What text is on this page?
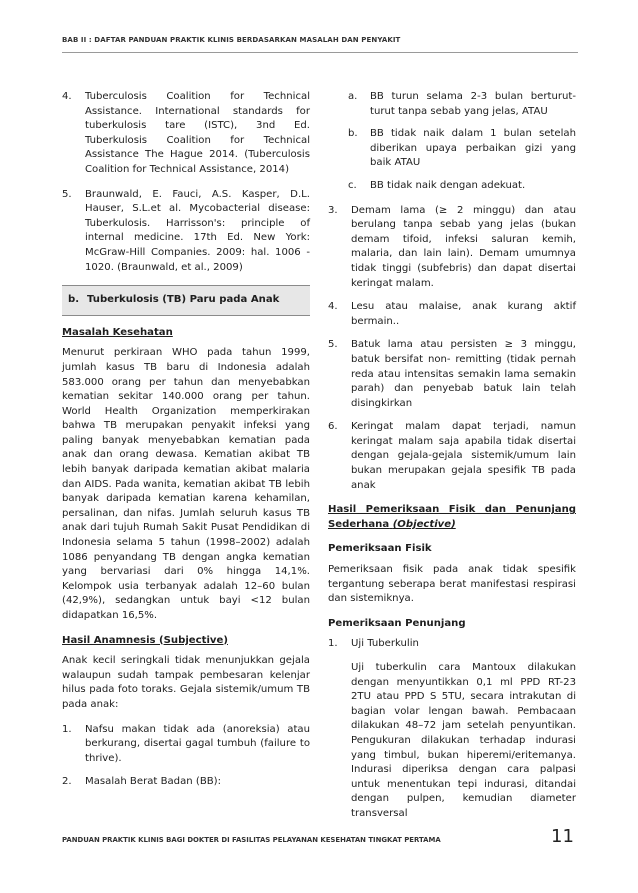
BAB II : DAFTAR PANDUAN PRAKTIK KLINIS BERDASARKAN MASALAH DAN PENYAKIT
4.	Tuberculosis Coalition for Technical Assistance. International standards for tuberkulosis tare (ISTC), 3nd Ed. Tuberkulosis Coalition for Technical Assistance The Hague 2014. (Tuberculosis Coalition for Technical Assistance, 2014)
5.	Braunwald, E. Fauci, A.S. Kasper, D.L. Hauser, S.L.et al. Mycobacterial disease: Tuberkulosis. Harrisson's: principle of internal medicine. 17th Ed. New York: McGraw-Hill Companies. 2009: hal. 1006 - 1020. (Braunwald, et al., 2009)
b. Tuberkulosis (TB) Paru pada Anak
Masalah Kesehatan

Menurut perkiraan WHO pada tahun 1999, jumlah kasus TB baru di Indonesia adalah 583.000 orang per tahun dan menyebabkan kematian sekitar 140.000 orang per tahun. World Health Organization memperkirakan bahwa TB merupakan penyakit infeksi yang paling banyak menyebabkan kematian pada anak dan orang dewasa. Kematian akibat TB lebih banyak daripada kematian akibat malaria dan AIDS. Pada wanita, kematian akibat TB lebih banyak daripada kematian karena kehamilan, persalinan, dan nifas. Jumlah seluruh kasus TB anak dari tujuh Rumah Sakit Pusat Pendidikan di Indonesia selama 5 tahun (1998–2002) adalah 1086 penyandang TB dengan angka kematian yang bervariasi dari 0% hingga 14,1%. Kelompok usia terbanyak adalah 12–60 bulan (42,9%), sedangkan untuk bayi <12 bulan didapatkan 16,5%.

Hasil Anamnesis (Subjective)

Anak kecil seringkali tidak menunjukkan gejala walaupun sudah tampak pembesaran kelenjar hilus pada foto toraks. Gejala sistemik/umum TB pada anak:

1.	Nafsu makan tidak ada (anoreksia) atau berkurang, disertai gagal tumbuh (failure to thrive).
2.	Masalah Berat Badan (BB):
a.	BB turun selama 2-3 bulan berturut-turut tanpa sebab yang jelas, ATAU
b.	BB tidak naik dalam 1 bulan setelah diberikan upaya perbaikan gizi yang baik ATAU
c.	BB tidak naik dengan adekuat.
3.	Demam lama (≥ 2 minggu) dan atau berulang tanpa sebab yang jelas (bukan demam tifoid, infeksi saluran kemih, malaria, dan lain lain). Demam umumnya tidak tinggi (subfebris) dan dapat disertai keringat malam.
4.	Lesu atau malaise, anak kurang aktif bermain..
5.	Batuk lama atau persisten ≥ 3 minggu, batuk bersifat non- remitting (tidak pernah reda atau intensitas semakin lama semakin parah) dan penyebab batuk lain telah disingkirkan
6.	Keringat malam dapat terjadi, namun keringat malam saja apabila tidak disertai dengan gejala-gejala sistemik/umum lain bukan merupakan gejala spesifik TB pada anak
Hasil Pemeriksaan Fisik dan Penunjang Sederhana (Objective)
Pemeriksaan Fisik

Pemeriksaan fisik pada anak tidak spesifik tergantung seberapa berat manifestasi respirasi dan sistemiknya.

Pemeriksaan Penunjang
1.	Uji Tuberkulin

Uji tuberkulin cara Mantoux dilakukan dengan menyuntikkan 0,1 ml PPD RT-23 2TU atau PPD S 5TU, secara intrakutan di bagian volar lengan bawah. Pembacaan dilakukan 48–72 jam setelah penyuntikan. Pengukuran dilakukan terhadap indurasi yang timbul, bukan hiperemi/eritemanya. Indurasi diperiksa dengan cara palpasi untuk menentukan tepi indurasi, ditandai dengan pulpen, kemudian diameter transversal

PANDUAN PRAKTIK KLINIS BAGI DOKTER DI FASILITAS PELAYANAN KESEHATAN TINGKAT PERTAMA	11
